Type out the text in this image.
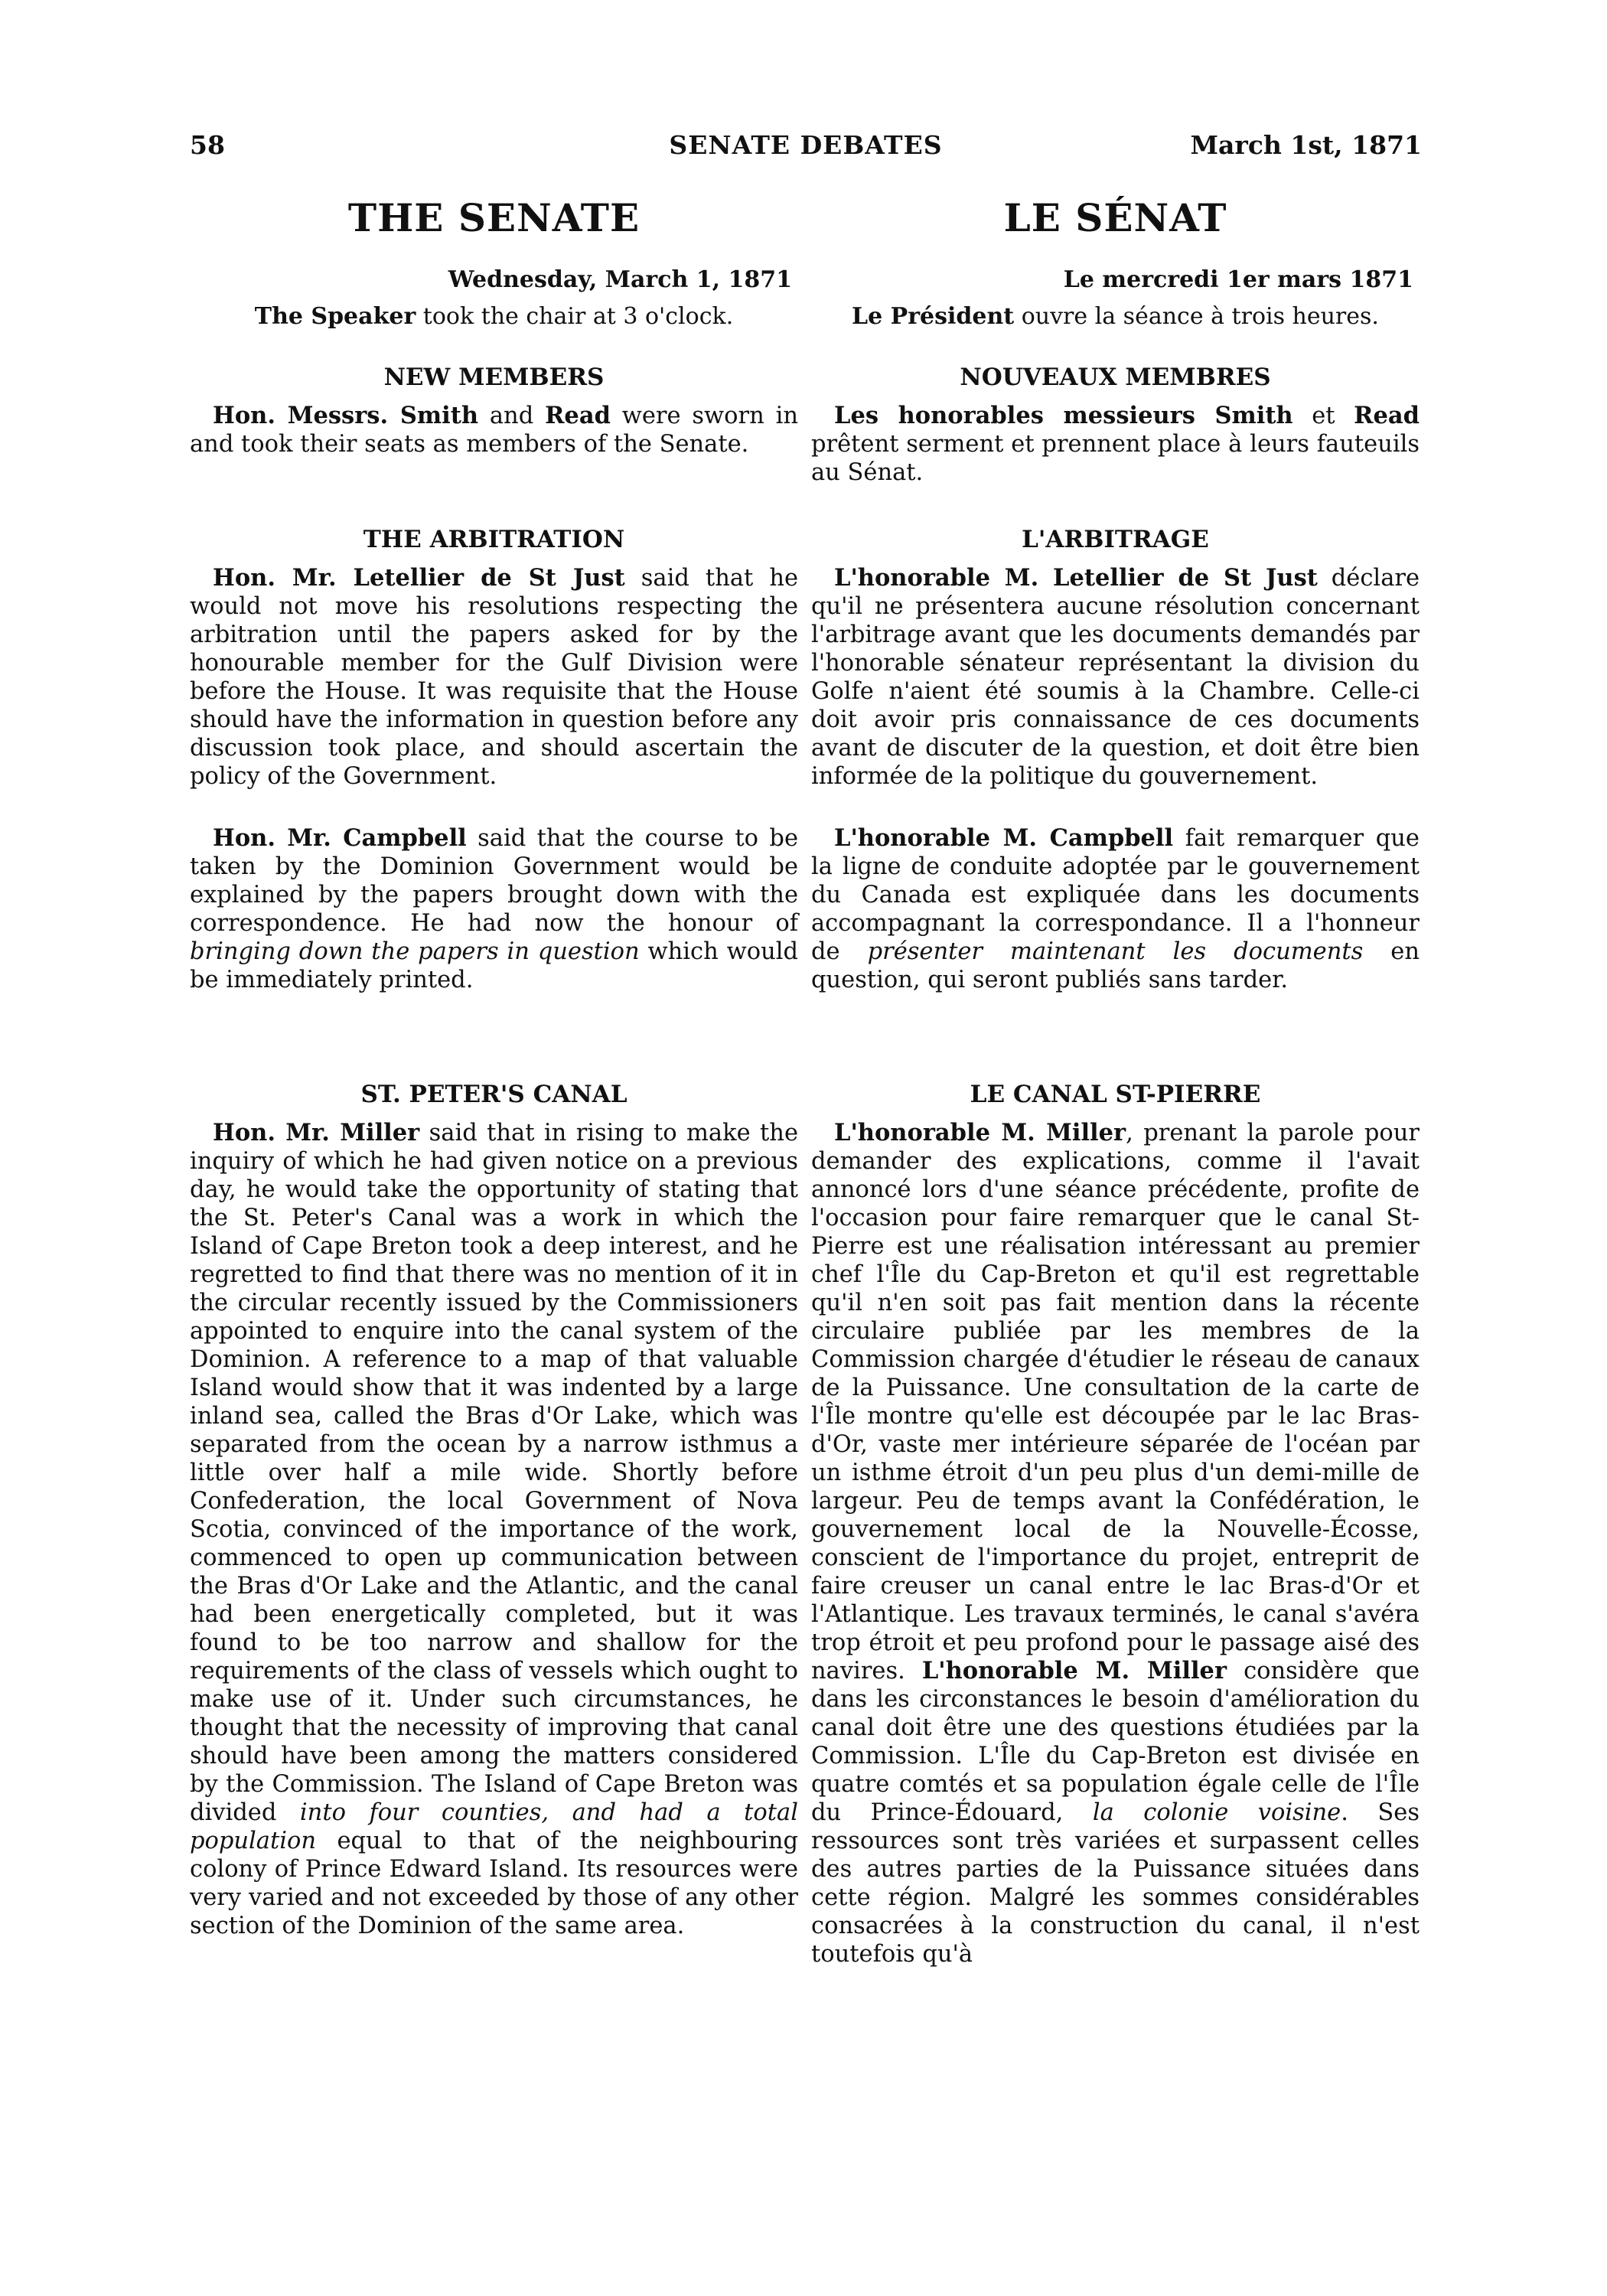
58	SENATE DEBATES	March 1st, 1871
THE SENATE

Wednesday, March 1, 1871

The Speaker took the chair at 3 o'clock.

NEW MEMBERS

Hon. Messrs. Smith and Read were sworn in and took their seats as members of the Senate.

THE ARBITRATION

Hon. Mr. Letellier de St Just said that he would not move his resolutions respecting the arbitration until the papers asked for by the honourable member for the Gulf Division were before the House. It was requisite that the House should have the information in question before any discussion took place, and should ascertain the policy of the Government.

Hon. Mr. Campbell said that the course to be taken by the Dominion Government would be explained by the papers brought down with the correspondence. He had now the honour of bringing down the papers in question which would be immediately printed.

ST. PETER'S CANAL

Hon. Mr. Miller said that in rising to make the inquiry of which he had given notice on a previous day, he would take the opportunity of stating that the St. Peter's Canal was a work in which the Island of Cape Breton took a deep interest, and he regretted to find that there was no mention of it in the circular recently issued by the Commissioners appointed to enquire into the canal system of the Dominion. A reference to a map of that valuable Island would show that it was indented by a large inland sea, called the Bras d'Or Lake, which was separated from the ocean by a narrow isthmus a little over half a mile wide. Shortly before Confederation, the local Government of Nova Scotia, convinced of the importance of the work, commenced to open up communication between the Bras d'Or Lake and the Atlantic, and the canal had been energetically completed, but it was found to be too narrow and shallow for the requirements of the class of vessels which ought to make use of it. Under such circumstances, he thought that the necessity of improving that canal should have been among the matters considered by the Commission. The Island of Cape Breton was divided into four counties, and had a total population equal to that of the neighbouring colony of Prince Edward Island. Its resources were very varied and not exceeded by those of any other section of the Dominion of the same area.

LE SÉNAT

Le mercredi 1er mars 1871

Le Président ouvre la séance à trois heures.

NOUVEAUX MEMBRES

Les honorables messieurs Smith et Read prêtent serment et prennent place à leurs fauteuils au Sénat.

L'ARBITRAGE

L'honorable M. Letellier de St Just déclare qu'il ne présentera aucune résolution concernant l'arbitrage avant que les documents demandés par l'honorable sénateur représentant la division du Golfe n'aient été soumis à la Chambre. Celle-ci doit avoir pris connaissance de ces documents avant de discuter de la question, et doit être bien informée de la politique du gouvernement.

L'honorable M. Campbell fait remarquer que la ligne de conduite adoptée par le gouvernement du Canada est expliquée dans les documents accompagnant la correspondance. Il a l'honneur de présenter maintenant les documents en question, qui seront publiés sans tarder.

LE CANAL ST-PIERRE

L'honorable M. Miller, prenant la parole pour demander des explications, comme il l'avait annoncé lors d'une séance précédente, profite de l'occasion pour faire remarquer que le canal St-Pierre est une réalisation intéressant au premier chef l'Île du Cap-Breton et qu'il est regrettable qu'il n'en soit pas fait mention dans la récente circulaire publiée par les membres de la Commission chargée d'étudier le réseau de canaux de la Puissance. Une consultation de la carte de l'Île montre qu'elle est découpée par le lac Bras-d'Or, vaste mer intérieure séparée de l'océan par un isthme étroit d'un peu plus d'un demi-mille de largeur. Peu de temps avant la Confédération, le gouvernement local de la Nouvelle-Écosse, conscient de l'importance du projet, entreprit de faire creuser un canal entre le lac Bras-d'Or et l'Atlantique. Les travaux terminés, le canal s'avéra trop étroit et peu profond pour le passage aisé des navires. L'honorable M. Miller considère que dans les circonstances le besoin d'amélioration du canal doit être une des questions étudiées par la Commission. L'Île du Cap-Breton est divisée en quatre comtés et sa population égale celle de l'Île du Prince-Édouard, la colonie voisine. Ses ressources sont très variées et surpassent celles des autres parties de la Puissance situées dans cette région. Malgré les sommes considérables consacrées à la construction du canal, il n'est toutefois qu'à
